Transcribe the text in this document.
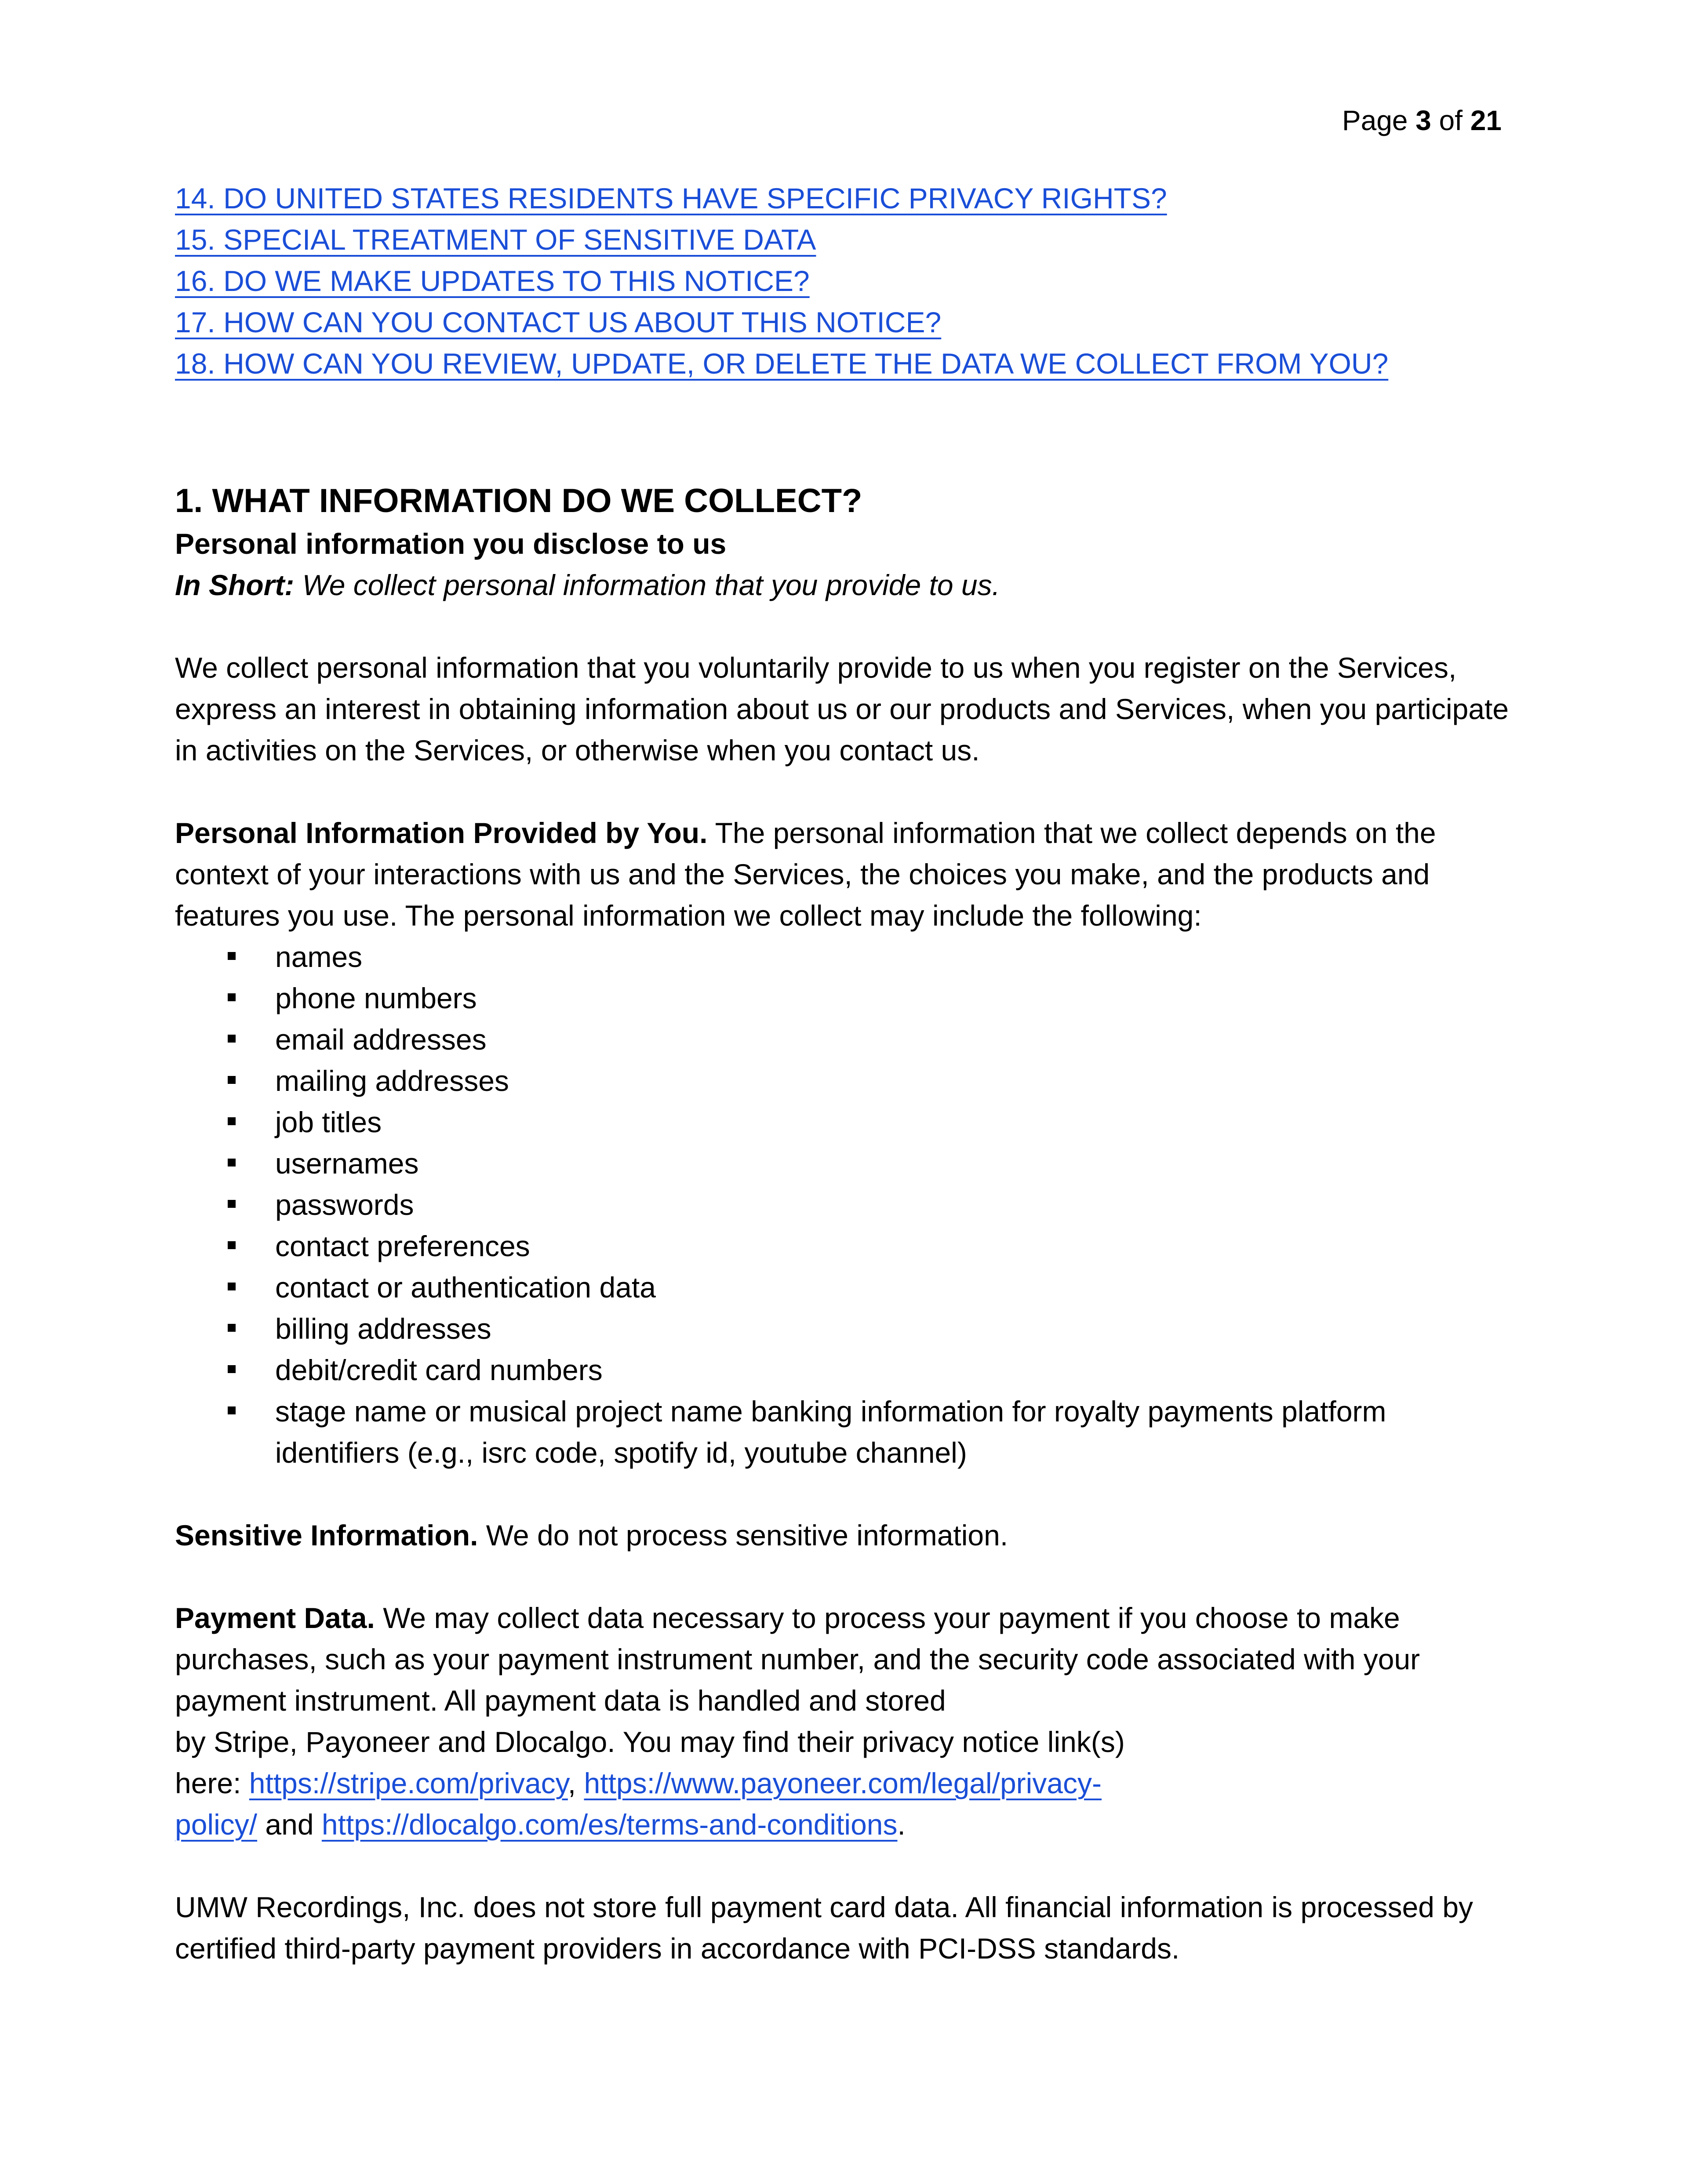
Page 3 of 21
14. DO UNITED STATES RESIDENTS HAVE SPECIFIC PRIVACY RIGHTS?
15. SPECIAL TREATMENT OF SENSITIVE DATA
16. DO WE MAKE UPDATES TO THIS NOTICE?
17. HOW CAN YOU CONTACT US ABOUT THIS NOTICE?
18. HOW CAN YOU REVIEW, UPDATE, OR DELETE THE DATA WE COLLECT FROM YOU?
1. WHAT INFORMATION DO WE COLLECT?
Personal information you disclose to us
In Short: We collect personal information that you provide to us.

We collect personal information that you voluntarily provide to us when you register on the Services, express an interest in obtaining information about us or our products and Services, when you participate in activities on the Services, or otherwise when you contact us.

Personal Information Provided by You. The personal information that we collect depends on the context of your interactions with us and the Services, the choices you make, and the products and features you use. The personal information we collect may include the following:

names
phone numbers
email addresses
mailing addresses
job titles
usernames
passwords
contact preferences
contact or authentication data
billing addresses
debit/credit card numbers
stage name or musical project name banking information for royalty payments platform identifiers (e.g., isrc code, spotify id, youtube channel)

Sensitive Information. We do not process sensitive information.

Payment Data. We may collect data necessary to process your payment if you choose to make purchases, such as your payment instrument number, and the security code associated with your payment instrument. All payment data is handled and stored

by Stripe, Payoneer and Dlocalgo. You may find their privacy notice link(s)

here: https://stripe.com/privacy, https://www.payoneer.com/legal/privacy-

policy/ and https://dlocalgo.com/es/terms-and-conditions.

UMW Recordings, Inc. does not store full payment card data. All financial information is processed by certified third-party payment providers in accordance with PCI-DSS standards.
